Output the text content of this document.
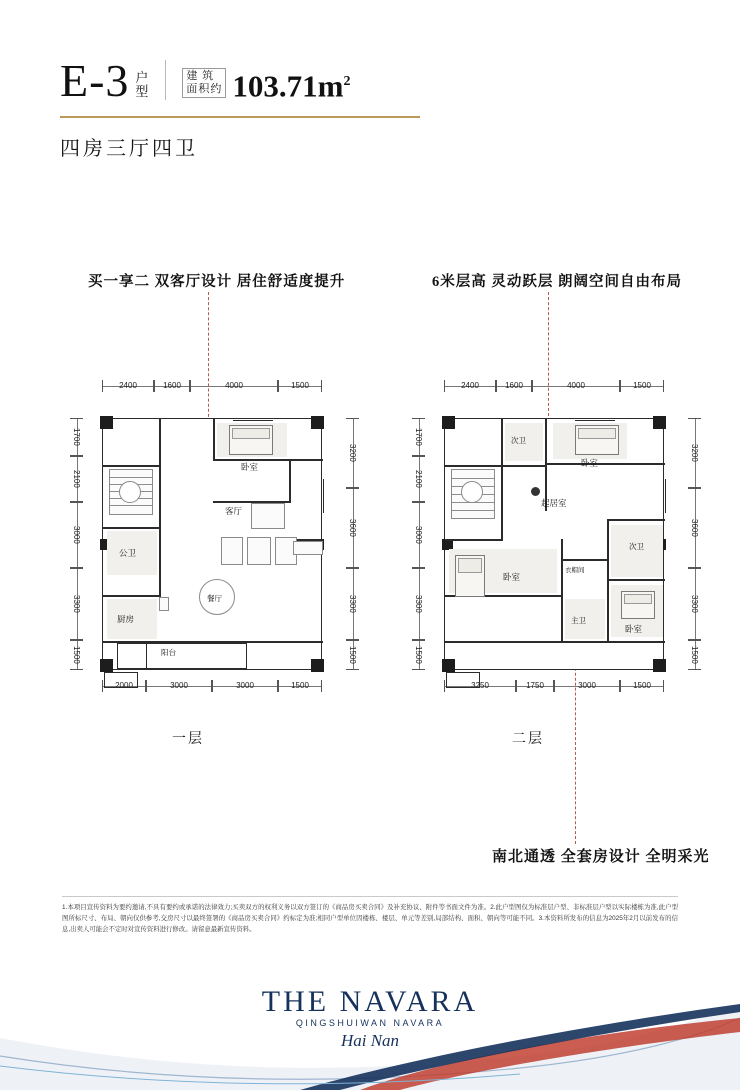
E-3 户
型
建 筑
面积约 $103.71m^2$
四房三厅四卫
买一享二 双客厅设计 居住舒适度提升	6米层高 灵动跃层 朗阔空间自由布局
南北通透 全套房设计 全明采光
2400	1600	4000	1500
1700
2100
3000
3300
1500
3200
3600
3300
1500
2000	3000	3000	1500
卧室
客厅
公卫
厨房
餐厅
阳台
一层
2400	1600	4000	1500
1700
2100
3000
3300
1500
3200
3600
3300
1500
3250	1750	3000	1500
次卫
卧室
起居室
次卫
卧室
卧室
主卫
衣帽间
二层
1.本项目宣传资料为要约邀请,不具有要约或承诺的法律效力;买卖双方的权利义务以双方签订的《商品房买卖合同》及补充协议、附件等书面文件为准。2.此户型图仅为标准层户型、非标准层户型以实际楼栋为准,此户型图所标尺寸、布局、朝向仅供参考,交房尺寸以最终签署的《商品房买卖合同》约标定为准;相同户型单位因楼栋、楼层、单元等差别,局部结构、面积、朝向等可能不同。3.本资料所发布的信息为2025年2月以前发布的信息,出卖人可能会不定时对宣传资料进行修改。请留意最新宣传资料。
THE NAVARA
QINGSHUIWAN NAVARA
Hai Nan
